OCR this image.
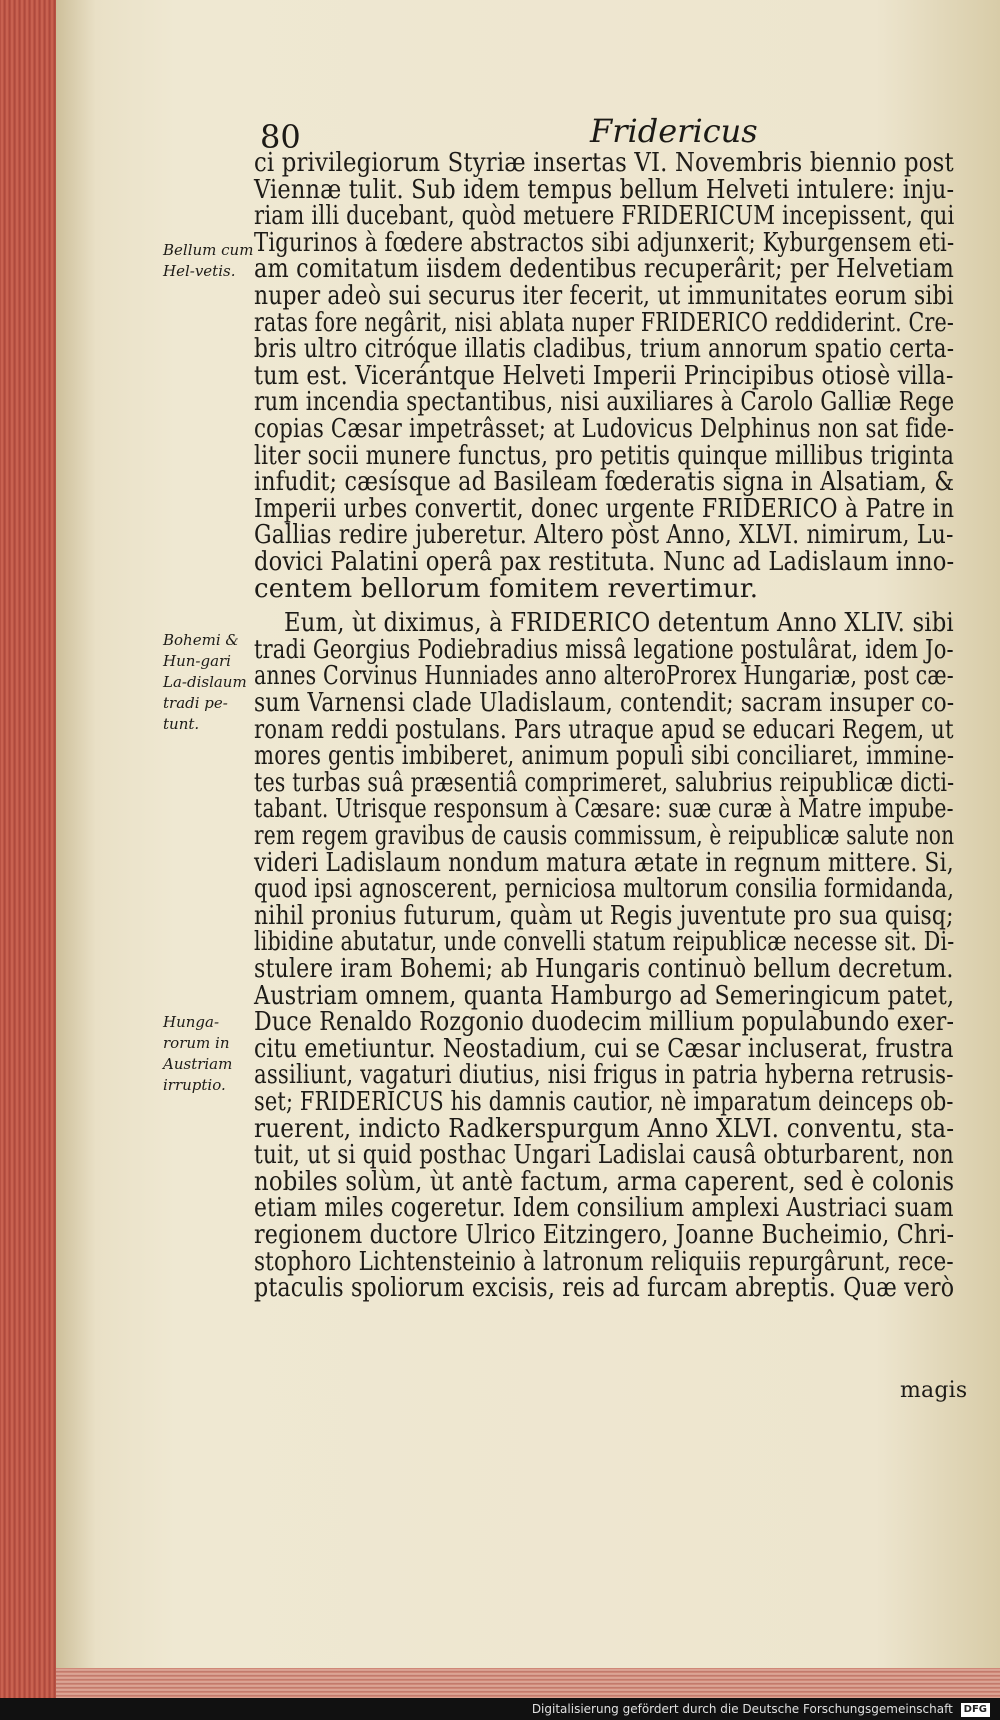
80	Fridericus
Bellum cum Hel-vetis.
Bohemi & Hun-gari La-dislaum tradi pe-tunt.
Hunga-rorum in Austriam irruptio.
ci privilegiorum Styriæ insertas VI. Novembris biennio post
Viennæ tulit. Sub idem tempus bellum Helveti intulere: inju-
riam illi ducebant, quòd metuere FRIDERICUM incepissent, qui
Tigurinos à fœdere abstractos sibi adjunxerit; Kyburgensem eti-
am comitatum iisdem dedentibus recuperârit; per Helvetiam
nuper adeò sui securus iter fecerit, ut immunitates eorum sibi
ratas fore negârit, nisi ablata nuper FRIDERICO reddiderint. Cre-
bris ultro citróque illatis cladibus, trium annorum spatio certa-
tum est. Vicerántque Helveti Imperii Principibus otiosè villa-
rum incendia spectantibus, nisi auxiliares à Carolo Galliæ Rege
copias Cæsar impetrâsset; at Ludovicus Delphinus non sat fide-
liter socii munere functus, pro petitis quinque millibus triginta
infudit; cæsísque ad Basileam fœderatis signa in Alsatiam, &
Imperii urbes convertit, donec urgente FRIDERICO à Patre in
Gallias redire juberetur. Altero pòst Anno, XLVI. nimirum, Lu-
dovici Palatini operâ pax restituta. Nunc ad Ladislaum inno-
centem bellorum fomitem revertimur.
Eum, ùt diximus, à FRIDERICO detentum Anno XLIV. sibi
tradi Georgius Podiebradius missâ legatione postulârat, idem Jo-
annes Corvinus Hunniades anno alteroProrex Hungariæ, post cæ-
sum Varnensi clade Uladislaum, contendit; sacram insuper co-
ronam reddi postulans. Pars utraque apud se educari Regem, ut
mores gentis imbiberet, animum populi sibi conciliaret, immine-
tes turbas suâ præsentiâ comprimeret, salubrius reipublicæ dicti-
tabant. Utrisque responsum à Cæsare: suæ curæ à Matre impube-
rem regem gravibus de causis commissum, è reipublicæ salute non
videri Ladislaum nondum matura ætate in regnum mittere. Si,
quod ipsi agnoscerent, perniciosa multorum consilia formidanda,
nihil pronius futurum, quàm ut Regis juventute pro sua quisq;
libidine abutatur, unde convelli statum reipublicæ necesse sit. Di-
stulere iram Bohemi; ab Hungaris continuò bellum decretum.
Austriam omnem, quanta Hamburgo ad Semeringicum patet,
Duce Renaldo Rozgonio duodecim millium populabundo exer-
citu emetiuntur. Neostadium, cui se Cæsar incluserat, frustra
assiliunt, vagaturi diutius, nisi frigus in patria hyberna retrusis-
set; FRIDERICUS his damnis cautior, nè imparatum deinceps ob-
ruerent, indicto Radkerspurgum Anno XLVI. conventu, sta-
tuit, ut si quid posthac Ungari Ladislai causâ obturbarent, non
nobiles solùm, ùt antè factum, arma caperent, sed è colonis
etiam miles cogeretur. Idem consilium amplexi Austriaci suam
regionem ductore Ulrico Eitzingero, Joanne Bucheimio, Chri-
stophoro Lichtensteinio à latronum reliquiis repurgârunt, rece-
ptaculis spoliorum excisis, reis ad furcam abreptis. Quæ verò
magis
Digitalisierung gefördert durch die Deutsche Forschungsgemeinschaft DFG
